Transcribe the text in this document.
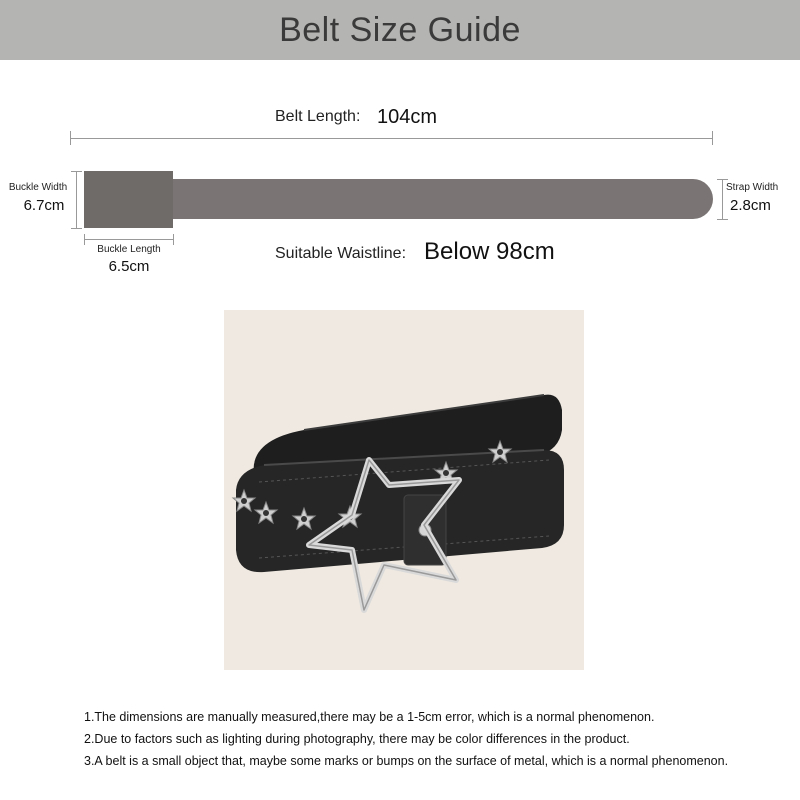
Belt Size Guide
Belt Length: 104cm
Buckle Width
6.7cm
Buckle Length
6.5cm
Strap Width
2.8cm
Suitable Waistline: Below 98cm
1.The dimensions are manually measured,there may be a 1-5cm error, which is a normal phenomenon.
2.Due to factors such as lighting during photography, there may be color differences in the product.
3.A belt is a small object that, maybe some marks or bumps on the surface of metal, which is a normal phenomenon.
